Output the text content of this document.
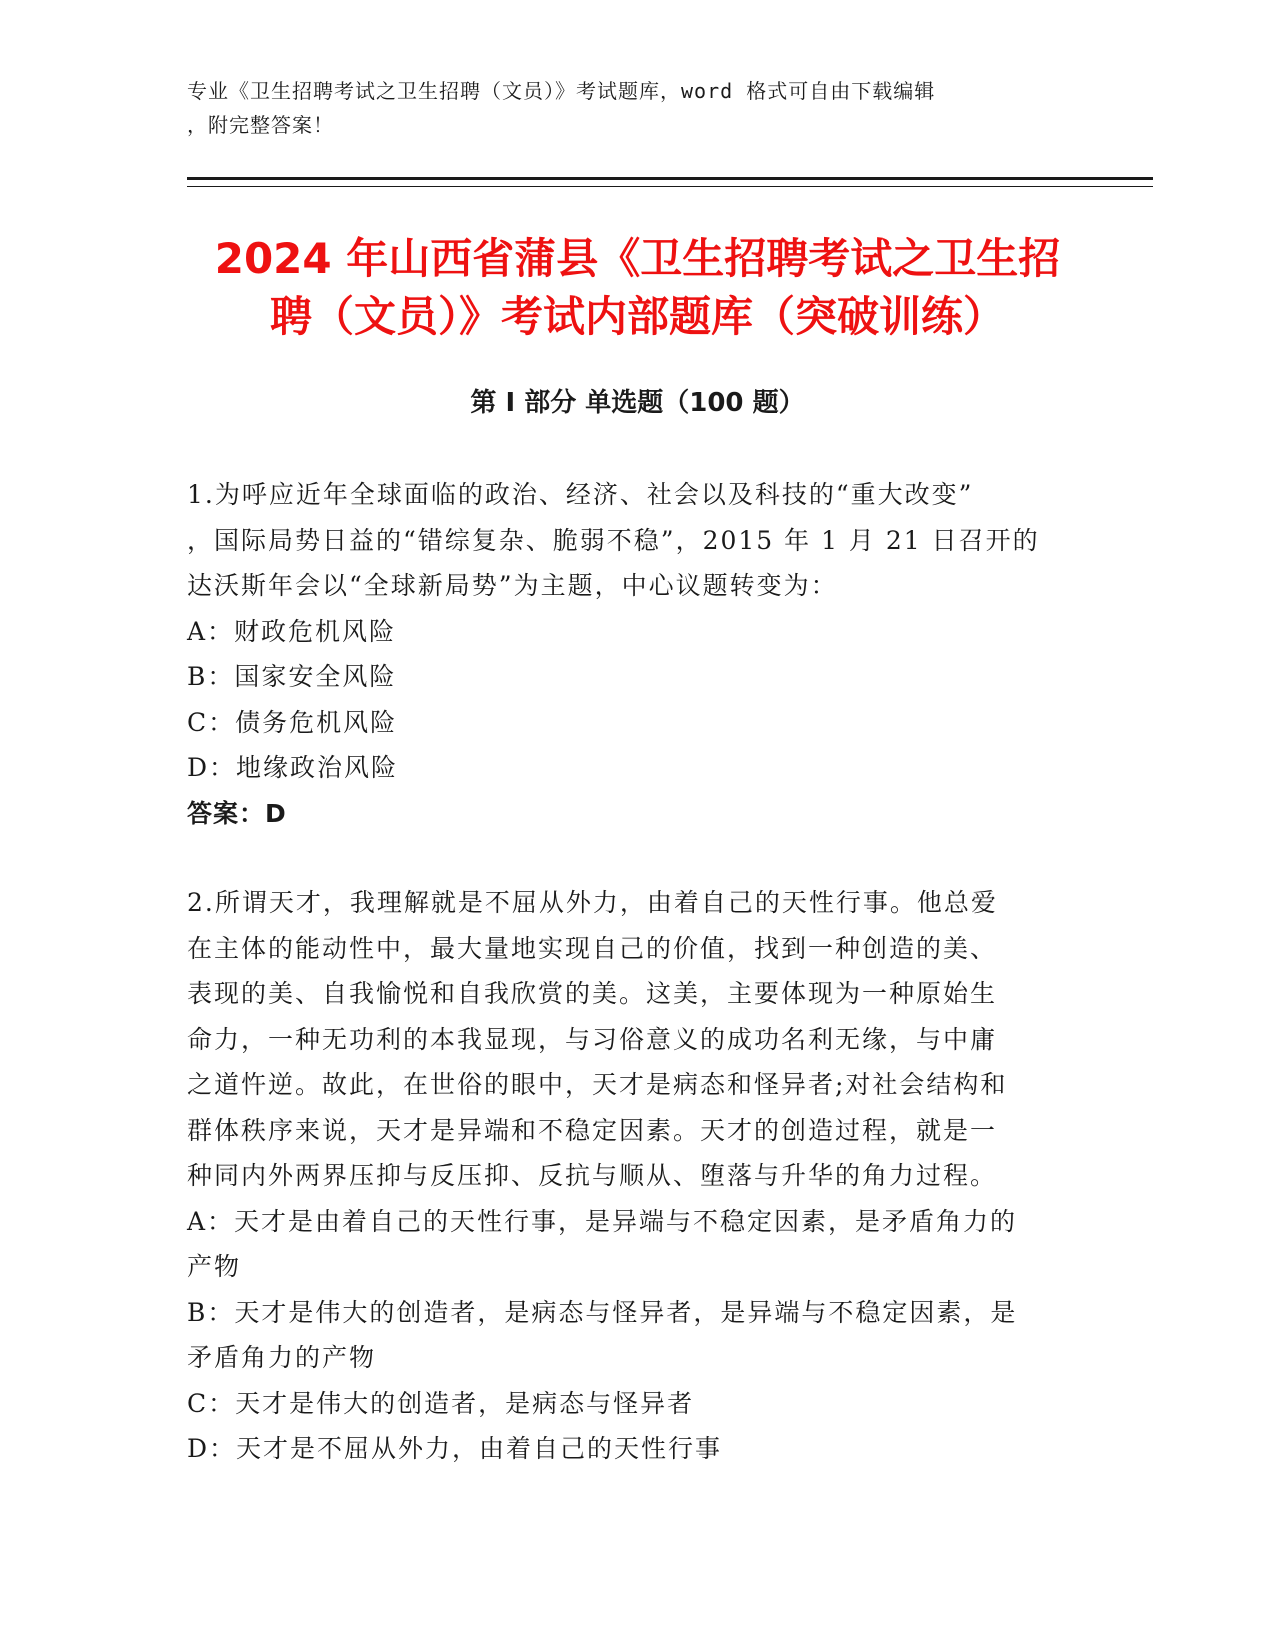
专业《卫生招聘考试之卫生招聘（文员）》考试题库，word 格式可自由下载编辑
，附完整答案！
2024 年山西省蒲县《卫生招聘考试之卫生招
聘（文员）》考试内部题库（突破训练）
第 I 部分 单选题（100 题）

1.为呼应近年全球面临的政治、经济、社会以及科技的“重大改变”

，国际局势日益的“错综复杂、脆弱不稳”，2015 年 1 月 21 日召开的

达沃斯年会以“全球新局势”为主题，中心议题转变为：

A：财政危机风险

B：国家安全风险

C：债务危机风险

D：地缘政治风险

答案：D

2.所谓天才，我理解就是不屈从外力，由着自己的天性行事。他总爱

在主体的能动性中，最大量地实现自己的价值，找到一种创造的美、

表现的美、自我愉悦和自我欣赏的美。这美，主要体现为一种原始生

命力，一种无功利的本我显现，与习俗意义的成功名利无缘，与中庸

之道忤逆。故此，在世俗的眼中，天才是病态和怪异者;对社会结构和

群体秩序来说，天才是异端和不稳定因素。天才的创造过程，就是一

种同内外两界压抑与反压抑、反抗与顺从、堕落与升华的角力过程。

A：天才是由着自己的天性行事，是异端与不稳定因素，是矛盾角力的

产物

B：天才是伟大的创造者，是病态与怪异者，是异端与不稳定因素，是

矛盾角力的产物

C：天才是伟大的创造者，是病态与怪异者

D：天才是不屈从外力，由着自己的天性行事
